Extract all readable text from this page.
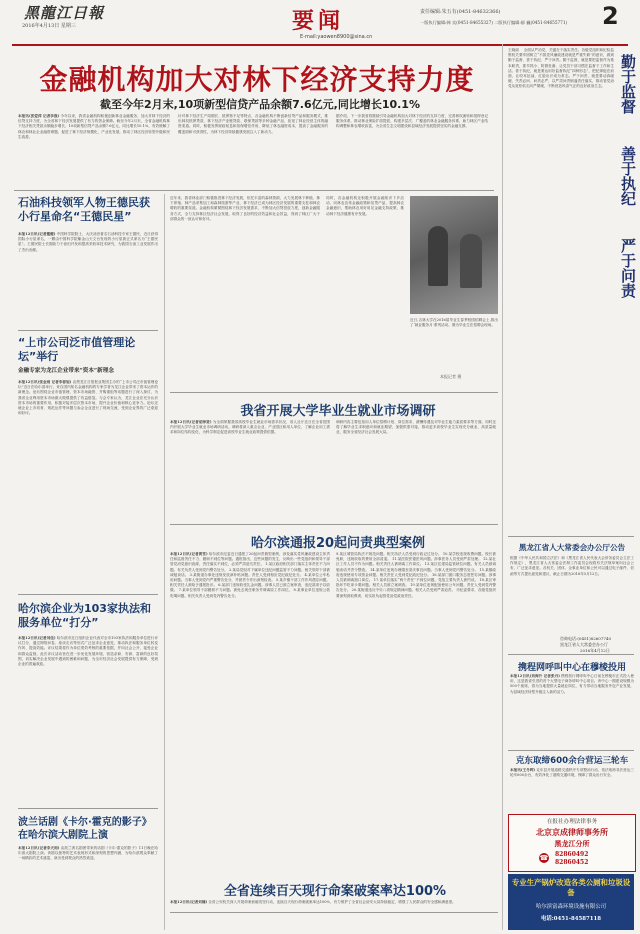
黑龍江日報
2016年4月13日 星期三	要闻
E-mail:yaowen8900@sina.cn
责任编辑:朱五有(0451-84632366)
一版执行编辑:韩 宾(0451-84655327) 二版执行编辑:郁 巍(0451-84655771) 2
金融机构加大对林下经济支持力度
截至今年2月末,10项新型信贷产品余额7.6亿元,同比增长10.1%
本报讯(张爱萍 记者李强) 今年以来，我省金融机构积极创新林业金融服务，加大对林下经济的信贷支持力度，为全省林下经济发展提供了有力的资金保障。截至今年2月末，全省金融机构林下经济相关贷款余额稳步增长，10项新型信贷产品余额7.6亿元，同比增长10.1%，有效缓解了林农和林业企业融资难题，促进了林下经济规模化、产业化发展，推动了林区经济转型升级和民生改善。
针对林下经济生产周期长、抵押物不足等特点，各金融机构不断创新信贷产品和服务模式，推出林权抵押贷款、林下经济产业链贷款、联保贷款等多种金融产品，拓宽了林业经营主体的融资渠道。同时，积极发挥财政贴息和担保增信作用，降低了林农融资成本，提高了金融服务的覆盖面和可获得性，为林下经济持续健康发展注入了新动力。
据介绍，下一步我省将继续引导金融机构加大对林下经济的支持力度，完善林权流转和抵押登记服务体系，推动林业保险扩面提质，构建多层次、广覆盖的林业金融服务体系，助力林区产业结构调整和林农增收致富，为全省生态文明建设和县域经济发展提供坚实的金融支撑。
石油科技领军人物王德民获小行星命名“王德民星”
本报12日讯(记者董健) 中国科学院院士、大庆油田著名石油科技专家王德民，近日获得国际小行星命名，一颗由中国科学院紫金山天文台发现的小行星被正式命名为“王德民星”。王德民院士长期致力于油田开发和提高采收率技术研究，为我国石油工业发展作出了杰出贡献。
“上市公司泛市值管理论坛”举行
金融专家为龙江企业带来“资本”新理念
本报12日讯(张金雨 记者李春旭) 由黑龙江日报报业集团主办的“上市公司泛市值管理论坛”近日在哈尔滨举行，来自国内知名金融机构的专家学者为龙江企业带来了资本运作的新理念。论坛围绕企业市值管理、资本市场融资、并购重组等话题进行了深入探讨，为我省企业利用资本市场做大做强提供了有益借鉴。与会专家认为，龙江企业应充分认识资本市场的重要作用，积极对接多层次资本市场，提升企业价值和核心竞争力。论坛还就企业上市培育、规范运作等问题与参会企业进行了现场交流，受到企业界的广泛欢迎和好评。
哈尔滨企业为103家执法和服务单位“打分”
本报12日讯(记者刘佳) 哈尔滨市近日组织企业代表对全市103家执法和服务单位进行评议打分，通过网络问卷、座谈走访等形式广泛征求企业意见，推动执法和服务单位转变作风、提高效能。评议结果将作为单位绩效考核的重要依据，并向社会公开，接受企业和群众监督。此次评议活动旨在进一步优化发展环境，营造亲商、安商、富商的良好氛围，切实解决企业发展中遇到的困难和问题，为全市经济社会发展提供有力保障，受到企业的普遍欢迎。
波兰话剧《卡尔·霍克的影子》在哈尔滨大剧院上演
本报12日讯(记者李天雨) 由波兰著名剧团带来的话剧《卡尔·霍克的影子》11日晚在哈尔滨大剧院上演。该剧以独特的艺术表现形式和深刻的思想内涵，为哈尔滨观众奉献了一场精彩的艺术盛宴，演出受到观众的热烈欢迎。
近年来，我省林业部门积极推进林下经济发展，依托丰富的森林资源，大力发展林下种植、林下养殖、林产品采集加工和森林旅游等产业，林下经济已成为林区经济发展的重要支柱和林农增收的重要渠道。金融机构紧紧围绕林下经济发展需求，不断加大信贷投放力度，创新金融服务方式，全力支持林区经济社会发展，取得了良好的经济效益和社会效益，得到了林区广大干部群众的一致认可和好评。
同时，各金融机构还积极开展金融知识下乡活动，向林农宣传金融政策和信贷产品，提高林农金融意识，帮助林农用好用足金融支持政策，推动林下经济健康有序发展。
近日,吉林大学在2016届毕业生春季校园招聘会上,推出了‘就业服务月’系列活动。图为毕业生在招聘会现场。
本报记者 摄
我省开展大学毕业生就业市场调研
本报12日讯(记者胡泽贤) 为全面掌握我省高校毕业生就业市场需求状况，省人社厅近日在全省范围内开展大学毕业生就业市场调研活动。调研将深入重点企业、产业园区和用人单位，了解企业用工需求和岗位结构变化，为科学制定促进高校毕业生就业政策提供依据。
调研内容主要包括用人单位招聘计划、岗位需求、薪酬待遇及对毕业生能力素质要求等方面。同时还将了解毕业生求职意向和就业期望，加强供需对接，推动更多高校毕业生实现充分就业、高质量就业，服务全省经济社会发展大局。
哈尔滨通报20起问责典型案例
本报12日讯(记者黄雪) 哈尔滨市纪委近日通报了20起问责典型案例，涉及落实党风廉政建设主体责任和监督责任不力、履职不到位等问题。通报指出，这些问题的发生，反映出一些党组织和领导干部管党治党意识淡薄，责任落实不到位，必须严肃追究责任。 1.某区政府相关部门落实主体责任不力问题。有关负责人受到党内警告处分。 2.某局党组对下属单位违纪问题监管不力问题。相关领导干部被诫勉谈话。 3.某街道办事处违规发放津补贴问题。责任人受到相应党纪政纪处分。 4.某单位公车私用问题。当事人受到党内严重警告处分，并被责令作出深刻检查。 5.某乡镇干部工作作风漂浮问题。相关责任人被给予通报批评。 6.某部门违规收受礼金问题。涉事人员已被立案审查，违纪款项予以收缴。 7.某单位领导干部履职不力问题。被免去现任职务并调离原工作岗位。 8.某事业单位违规公款吃喝问题。相关负责人受到党内警告处分。
9.某区城管局执法不规范问题。相关执法人员受到行政记过处分。 10.某学校违规收费问题。校长被免职，违规收取的费用全部清退。 11.某医院医德医风问题。涉事医务人员受到严肃处理。 12.某社区工作人员不作为问题。相关责任人被调离工作岗位。 13.某区住建局监管缺位问题。有关人员被诫勉谈话并责令整改。 14.某单位违规办理婚丧喜庆事宜问题。当事人受到党内警告处分。 15.某镇政府违规使用专项资金问题。相关责任人受到党纪政纪处分。 16.某部门窗口服务态度恶劣问题。涉事人员被调离窗口岗位。 17.某单位落实“两个责任”不到位问题。党组主要负责人被约谈。 18.某区审批环节吃拿卡要问题。相关人员被立案调查。 19.某单位违规配备使用公车问题。责任人受到党内警告处分。 20.某街道违反中央八项规定精神问题。相关人员受到严肃追责。 市纪委要求，各级党组织要深刻汲取教训，切实担负起管党治党政治责任。
全省连续百天现行命案破案率达100%
本报12日讯(记者刘楠) 全省公安机关深入开展命案侦破攻坚行动，连续百天现行命案破案率达100%，有力维护了全省社会治安大局持续稳定，增强了人民群众的安全感和满意度。
王晓丽　 全面从严治党，关键在于落实责任。各级党组织和纪检监察机关要牢固树立“不抓党风廉政建设就是严重失职”的意识，做到勤于监督、善于执纪、严于问责。勤于监督，就是要把监督作为基本职责，抓早抓小、防微杜渐，让党员干部习惯在监督下工作和生活。善于执纪，就是要运用好监督执纪“四种形态”，把纪律挺在前面，让咬耳扯袖、红脸出汗成为常态。严于问责，就是要动真碰硬、失责必问、问责必严，以严肃问责倒逼责任落实，推动管党治党从宽松软走向严紧硬，不断营造风清气正的良好政治生态。 勤于监督
善于执纪
严于问责
黑龙江省人大常委会办公厅公告
根据《中华人民共和国立法法》和《黑龙江省人民代表大会常务委员会立法工作规定》，黑龙江省人大常委会法制工作委员会现将有关法规草案向社会公布，广泛征求意见。各机关、团体、企事业单位和公民可以通过电子邮件、信函等方式提出意见和建议，截止日期为2016年5月12日。
咨询电话:(0451)82607740
黑龙江省人大常委会办公厅
2016年4月12日
携程网呼叫中心在穆棱投用
本报12日讯(刘海升 记者张丹) 携程旅行网呼叫中心日前在穆棱市正式投入使用，这是我省引进的首个大型电子商务呼叫中心项目。该中心一期建设规模为500个座席，将为当地提供大量就业岗位，有力带动当地服务外包产业发展，为县域经济转型升级注入新的活力。
克东取缔600余台营运三轮车
本报讯(王冬晖) 克东县开展道路交通秩序专项整治行动，依法取缔非法营运三轮车600余台，有效净化了道路交通环境，保障了群众出行安全。
在报社办理法律事务
北京京成律师事务所
黑龙江分所
☎ 82860492
82860452
专业生产锅炉改造各类公厕和垃圾设备
哈尔滨富森环境设施有限公司
电话:0451-84587118
